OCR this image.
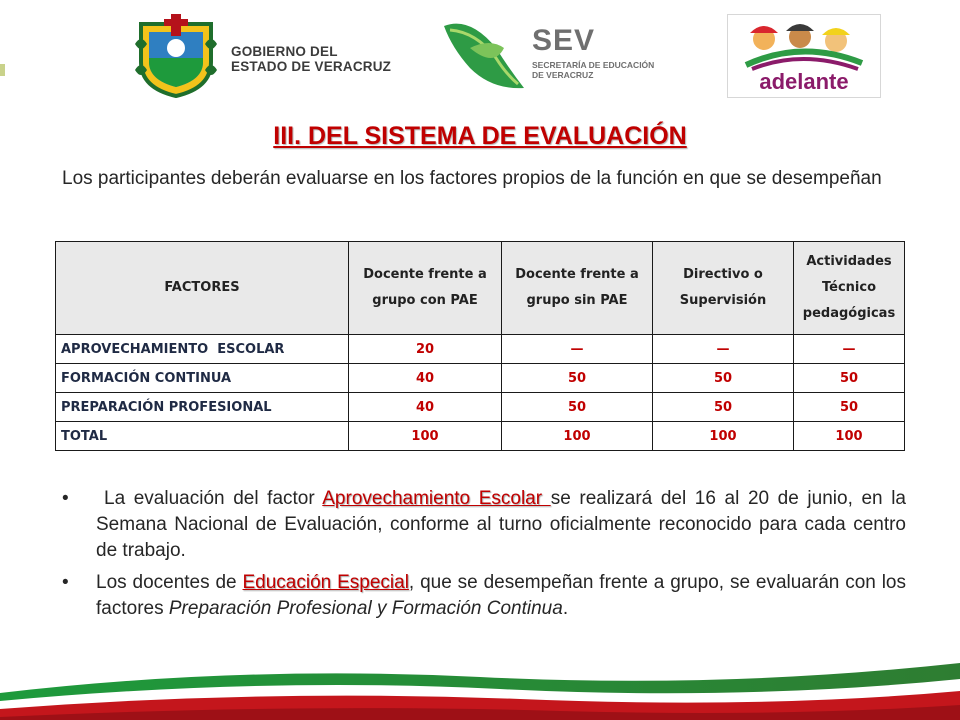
GOBIERNO DEL
ESTADO DE VERACRUZ
SEV
SECRETARÍA DE EDUCACIÓN
DE VERACRUZ	adelante
III. DEL SISTEMA DE EVALUACIÓN
Los participantes deberán evaluarse en los factores propios de la función en que se desempeñan
FACTORES	Docente frente a grupo con PAE	Docente frente a grupo sin PAE	Directivo o Supervisión	Actividades Técnico pedagógicas
APROVECHAMIENTO  ESCOLAR	20	—	—	—
FORMACIÓN CONTINUA	40	50	50	50
PREPARACIÓN PROFESIONAL	40	50	50	50
TOTAL	100	100	100	100
• La evaluación del factor Aprovechamiento Escolar se realizará del 16 al 20 de junio, en la Semana Nacional de Evaluación, conforme al turno oficialmente reconocido para cada centro de trabajo.
• Los docentes de Educación Especial, que se desempeñan frente a grupo, se evaluarán con los factores Preparación Profesional y Formación Continua.
